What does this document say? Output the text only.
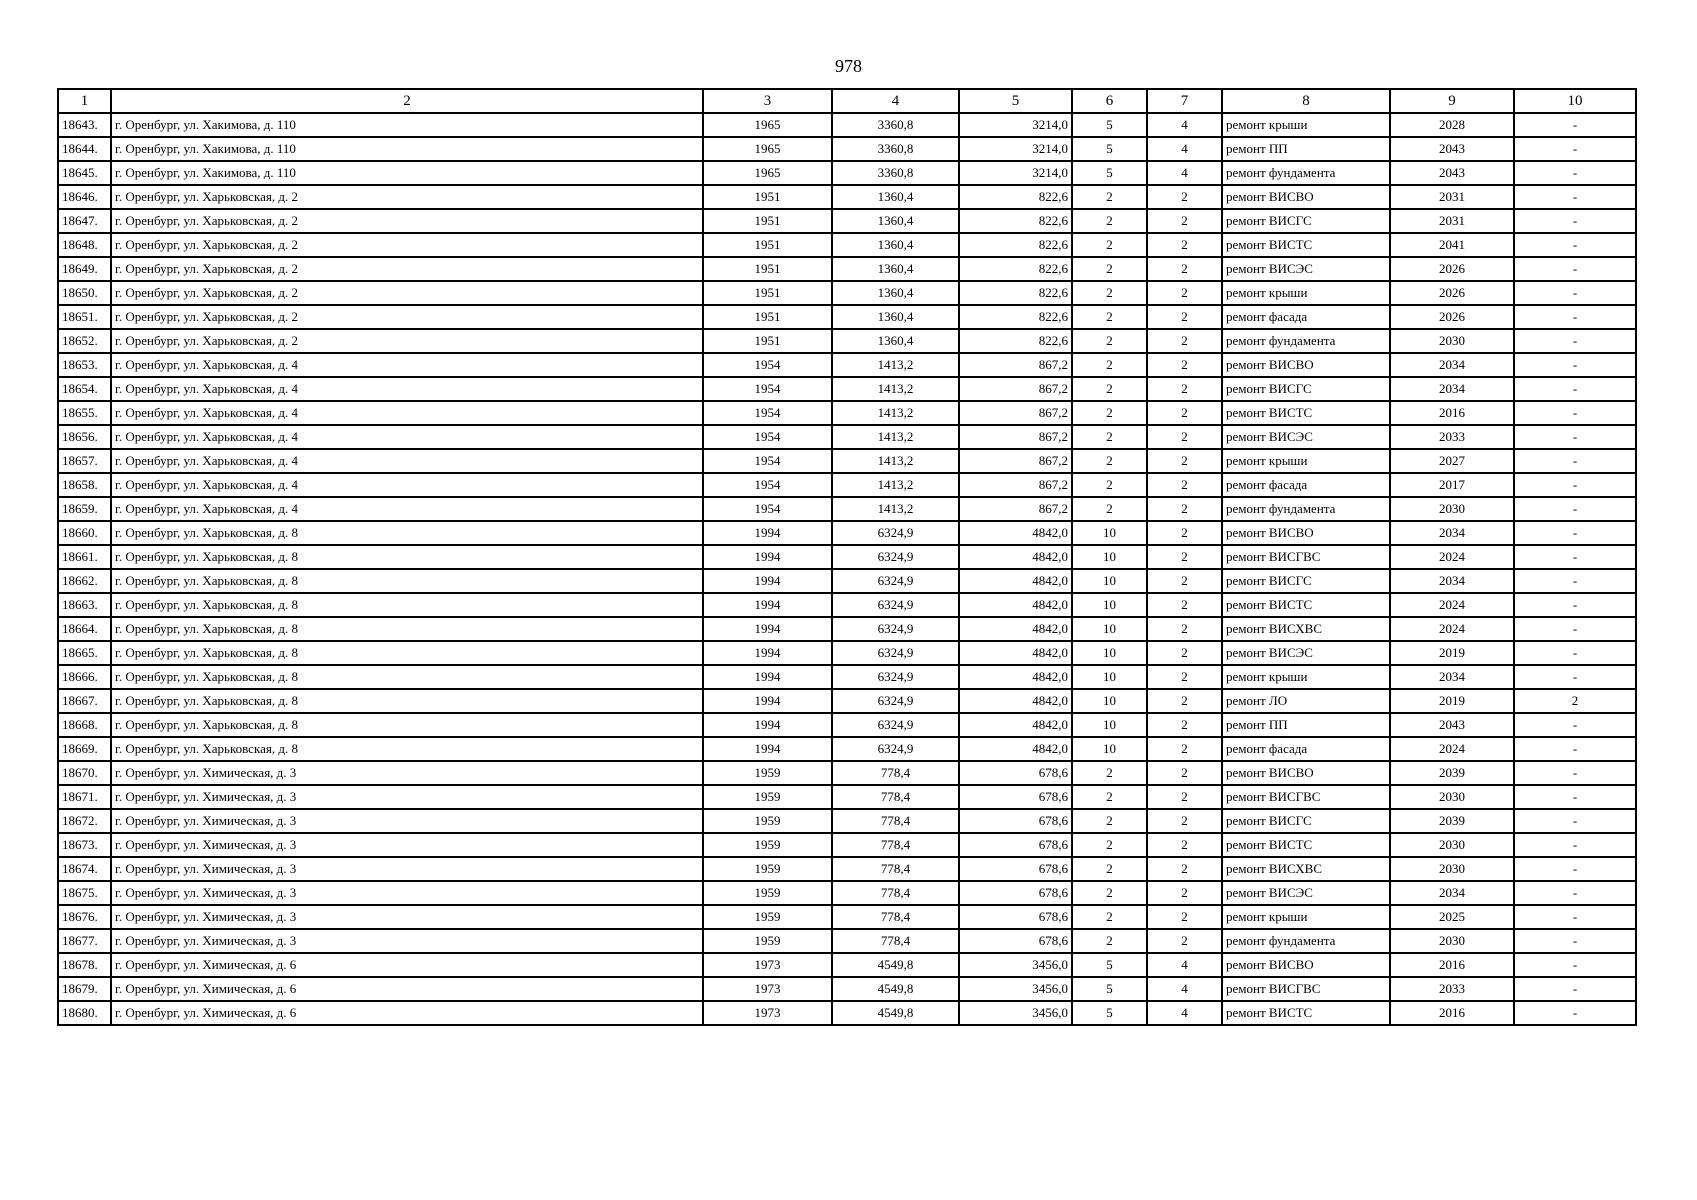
978
1	2	3	4	5	6	7	8	9	10
18643.	г. Оренбург, ул. Хакимова, д. 110	1965	3360,8	3214,0	5	4	ремонт крыши	2028	-
18644.	г. Оренбург, ул. Хакимова, д. 110	1965	3360,8	3214,0	5	4	ремонт ПП	2043	-
18645.	г. Оренбург, ул. Хакимова, д. 110	1965	3360,8	3214,0	5	4	ремонт фундамента	2043	-
18646.	г. Оренбург, ул. Харьковская, д. 2	1951	1360,4	822,6	2	2	ремонт ВИСВО	2031	-
18647.	г. Оренбург, ул. Харьковская, д. 2	1951	1360,4	822,6	2	2	ремонт ВИСГС	2031	-
18648.	г. Оренбург, ул. Харьковская, д. 2	1951	1360,4	822,6	2	2	ремонт ВИСТС	2041	-
18649.	г. Оренбург, ул. Харьковская, д. 2	1951	1360,4	822,6	2	2	ремонт ВИСЭС	2026	-
18650.	г. Оренбург, ул. Харьковская, д. 2	1951	1360,4	822,6	2	2	ремонт крыши	2026	-
18651.	г. Оренбург, ул. Харьковская, д. 2	1951	1360,4	822,6	2	2	ремонт фасада	2026	-
18652.	г. Оренбург, ул. Харьковская, д. 2	1951	1360,4	822,6	2	2	ремонт фундамента	2030	-
18653.	г. Оренбург, ул. Харьковская, д. 4	1954	1413,2	867,2	2	2	ремонт ВИСВО	2034	-
18654.	г. Оренбург, ул. Харьковская, д. 4	1954	1413,2	867,2	2	2	ремонт ВИСГС	2034	-
18655.	г. Оренбург, ул. Харьковская, д. 4	1954	1413,2	867,2	2	2	ремонт ВИСТС	2016	-
18656.	г. Оренбург, ул. Харьковская, д. 4	1954	1413,2	867,2	2	2	ремонт ВИСЭС	2033	-
18657.	г. Оренбург, ул. Харьковская, д. 4	1954	1413,2	867,2	2	2	ремонт крыши	2027	-
18658.	г. Оренбург, ул. Харьковская, д. 4	1954	1413,2	867,2	2	2	ремонт фасада	2017	-
18659.	г. Оренбург, ул. Харьковская, д. 4	1954	1413,2	867,2	2	2	ремонт фундамента	2030	-
18660.	г. Оренбург, ул. Харьковская, д. 8	1994	6324,9	4842,0	10	2	ремонт ВИСВО	2034	-
18661.	г. Оренбург, ул. Харьковская, д. 8	1994	6324,9	4842,0	10	2	ремонт ВИСГВС	2024	-
18662.	г. Оренбург, ул. Харьковская, д. 8	1994	6324,9	4842,0	10	2	ремонт ВИСГС	2034	-
18663.	г. Оренбург, ул. Харьковская, д. 8	1994	6324,9	4842,0	10	2	ремонт ВИСТС	2024	-
18664.	г. Оренбург, ул. Харьковская, д. 8	1994	6324,9	4842,0	10	2	ремонт ВИСХВС	2024	-
18665.	г. Оренбург, ул. Харьковская, д. 8	1994	6324,9	4842,0	10	2	ремонт ВИСЭС	2019	-
18666.	г. Оренбург, ул. Харьковская, д. 8	1994	6324,9	4842,0	10	2	ремонт крыши	2034	-
18667.	г. Оренбург, ул. Харьковская, д. 8	1994	6324,9	4842,0	10	2	ремонт ЛО	2019	2
18668.	г. Оренбург, ул. Харьковская, д. 8	1994	6324,9	4842,0	10	2	ремонт ПП	2043	-
18669.	г. Оренбург, ул. Харьковская, д. 8	1994	6324,9	4842,0	10	2	ремонт фасада	2024	-
18670.	г. Оренбург, ул. Химическая, д. 3	1959	778,4	678,6	2	2	ремонт ВИСВО	2039	-
18671.	г. Оренбург, ул. Химическая, д. 3	1959	778,4	678,6	2	2	ремонт ВИСГВС	2030	-
18672.	г. Оренбург, ул. Химическая, д. 3	1959	778,4	678,6	2	2	ремонт ВИСГС	2039	-
18673.	г. Оренбург, ул. Химическая, д. 3	1959	778,4	678,6	2	2	ремонт ВИСТС	2030	-
18674.	г. Оренбург, ул. Химическая, д. 3	1959	778,4	678,6	2	2	ремонт ВИСХВС	2030	-
18675.	г. Оренбург, ул. Химическая, д. 3	1959	778,4	678,6	2	2	ремонт ВИСЭС	2034	-
18676.	г. Оренбург, ул. Химическая, д. 3	1959	778,4	678,6	2	2	ремонт крыши	2025	-
18677.	г. Оренбург, ул. Химическая, д. 3	1959	778,4	678,6	2	2	ремонт фундамента	2030	-
18678.	г. Оренбург, ул. Химическая, д. 6	1973	4549,8	3456,0	5	4	ремонт ВИСВО	2016	-
18679.	г. Оренбург, ул. Химическая, д. 6	1973	4549,8	3456,0	5	4	ремонт ВИСГВС	2033	-
18680.	г. Оренбург, ул. Химическая, д. 6	1973	4549,8	3456,0	5	4	ремонт ВИСТС	2016	-
